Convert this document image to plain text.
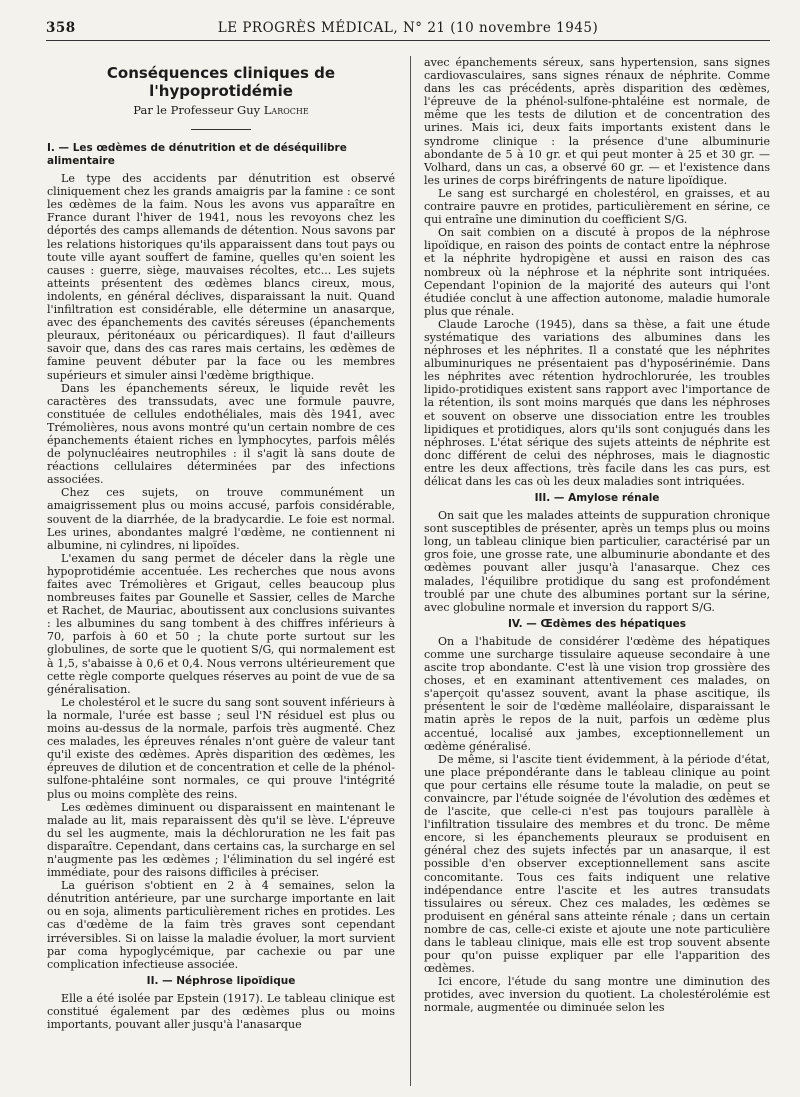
358	LE PROGRÈS MÉDICAL, N° 21 (10 novembre 1945)
Conséquences cliniques de l'hypoprotidémie
Par le Professeur Guy Laroche
I. — Les œdèmes de dénutrition et de déséquilibre alimentaire

Le type des accidents par dénutrition est observé cliniquement chez les grands amaigris par la famine : ce sont les œdèmes de la faim. Nous les avons vus apparaître en France durant l'hiver de 1941, nous les revoyons chez les déportés des camps allemands de détention. Nous savons par les relations historiques qu'ils apparaissent dans tout pays ou toute ville ayant souffert de famine, quelles qu'en soient les causes : guerre, siège, mauvaises récoltes, etc... Les sujets atteints présentent des œdèmes blancs cireux, mous, indolents, en général déclives, disparaissant la nuit. Quand l'infiltration est considérable, elle détermine un anasarque, avec des épanchements des cavités séreuses (épanchements pleuraux, péritonéaux ou péricardiques). Il faut d'ailleurs savoir que, dans des cas rares mais certains, les œdèmes de famine peuvent débuter par la face ou les membres supérieurs et simuler ainsi l'œdème brigthique.

Dans les épanchements séreux, le liquide revêt les caractères des transsudats, avec une formule pauvre, constituée de cellules endothéliales, mais dès 1941, avec Trémolières, nous avons montré qu'un certain nombre de ces épanchements étaient riches en lymphocytes, parfois mêlés de polynucléaires neutrophiles : il s'agit là sans doute de réactions cellulaires déterminées par des infections associées.

Chez ces sujets, on trouve communément un amaigrissement plus ou moins accusé, parfois considérable, souvent de la diarrhée, de la bradycardie. Le foie est normal. Les urines, abondantes malgré l'œdème, ne contiennent ni albumine, ni cylindres, ni lipoïdes.

L'examen du sang permet de déceler dans la règle une hypoprotidémie accentuée. Les recherches que nous avons faites avec Trémolières et Grigaut, celles beaucoup plus nombreuses faites par Gounelle et Sassier, celles de Marche et Rachet, de Mauriac, aboutissent aux conclusions suivantes : les albumines du sang tombent à des chiffres inférieurs à 70, parfois à 60 et 50 ; la chute porte surtout sur les globulines, de sorte que le quotient S/G, qui normalement est à 1,5, s'abaisse à 0,6 et 0,4. Nous verrons ultérieurement que cette règle comporte quelques réserves au point de vue de sa généralisation.

Le cholestérol et le sucre du sang sont souvent inférieurs à la normale, l'urée est basse ; seul l'N résiduel est plus ou moins au-dessus de la normale, parfois très augmenté. Chez ces malades, les épreuves rénales n'ont guère de valeur tant qu'il existe des œdèmes. Après disparition des œdèmes, les épreuves de dilution et de concentration et celle de la phénol-sulfone-phtaléine sont normales, ce qui prouve l'intégrité plus ou moins complète des reins.

Les œdèmes diminuent ou disparaissent en maintenant le malade au lit, mais reparaissent dès qu'il se lève. L'épreuve du sel les augmente, mais la déchloruration ne les fait pas disparaître. Cependant, dans certains cas, la surcharge en sel n'augmente pas les œdèmes ; l'élimination du sel ingéré est immédiate, pour des raisons difficiles à préciser.

La guérison s'obtient en 2 à 4 semaines, selon la dénutrition antérieure, par une surcharge importante en lait ou en soja, aliments particulièrement riches en protides. Les cas d'œdème de la faim très graves sont cependant irréversibles. Si on laisse la maladie évoluer, la mort survient par coma hypoglycémique, par cachexie ou par une complication infectieuse associée.

II. — Néphrose lipoïdique

Elle a été isolée par Epstein (1917). Le tableau clinique est constitué également par des œdèmes plus ou moins importants, pouvant aller jusqu'à l'anasarque

avec épanchements séreux, sans hypertension, sans signes cardiovasculaires, sans signes rénaux de néphrite. Comme dans les cas précédents, après disparition des œdèmes, l'épreuve de la phénol-sulfone-phtaléine est normale, de même que les tests de dilution et de concentration des urines. Mais ici, deux faits importants existent dans le syndrome clinique : la présence d'une albuminurie abondante de 5 à 10 gr. et qui peut monter à 25 et 30 gr. — Volhard, dans un cas, a observé 60 gr. — et l'existence dans les urines de corps biréfringents de nature lipoïdique.

Le sang est surchargé en cholestérol, en graisses, et au contraire pauvre en protides, particulièrement en sérine, ce qui entraîne une diminution du coefficient S/G.

On sait combien on a discuté à propos de la néphrose lipoïdique, en raison des points de contact entre la néphrose et la néphrite hydropigène et aussi en raison des cas nombreux où la néphrose et la néphrite sont intriquées. Cependant l'opinion de la majorité des auteurs qui l'ont étudiée conclut à une affection autonome, maladie humorale plus que rénale.

Claude Laroche (1945), dans sa thèse, a fait une étude systématique des variations des albumines dans les néphroses et les néphrites. Il a constaté que les néphrites albuminuriques ne présentaient pas d'hyposérinémie. Dans les néphrites avec rétention hydrochlorurée, les troubles lipido-protidiques existent sans rapport avec l'importance de la rétention, ils sont moins marqués que dans les néphroses et souvent on observe une dissociation entre les troubles lipidiques et protidiques, alors qu'ils sont conjugués dans les néphroses. L'état sérique des sujets atteints de néphrite est donc différent de celui des néphroses, mais le diagnostic entre les deux affections, très facile dans les cas purs, est délicat dans les cas où les deux maladies sont intriquées.

III. — Amylose rénale

On sait que les malades atteints de suppuration chronique sont susceptibles de présenter, après un temps plus ou moins long, un tableau clinique bien particulier, caractérisé par un gros foie, une grosse rate, une albuminurie abondante et des œdèmes pouvant aller jusqu'à l'anasarque. Chez ces malades, l'équilibre protidique du sang est profondément troublé par une chute des albumines portant sur la sérine, avec globuline normale et inversion du rapport S/G.

IV. — Œdèmes des hépatiques

On a l'habitude de considérer l'œdème des hépatiques comme une surcharge tissulaire aqueuse secondaire à une ascite trop abondante. C'est là une vision trop grossière des choses, et en examinant attentivement ces malades, on s'aperçoit qu'assez souvent, avant la phase ascitique, ils présentent le soir de l'œdème malléolaire, disparaissant le matin après le repos de la nuit, parfois un œdème plus accentué, localisé aux jambes, exceptionnellement un œdème généralisé.

De même, si l'ascite tient évidemment, à la période d'état, une place prépondérante dans le tableau clinique au point que pour certains elle résume toute la maladie, on peut se convaincre, par l'étude soignée de l'évolution des œdèmes et de l'ascite, que celle-ci n'est pas toujours parallèle à l'infiltration tissulaire des membres et du tronc. De même encore, si les épanchements pleuraux se produisent en général chez des sujets infectés par un anasarque, il est possible d'en observer exceptionnellement sans ascite concomitante. Tous ces faits indiquent une relative indépendance entre l'ascite et les autres transudats tissulaires ou séreux. Chez ces malades, les œdèmes se produisent en général sans atteinte rénale ; dans un certain nombre de cas, celle-ci existe et ajoute une note particulière dans le tableau clinique, mais elle est trop souvent absente pour qu'on puisse expliquer par elle l'apparition des œdèmes.

Ici encore, l'étude du sang montre une diminution des protides, avec inversion du quotient. La cholestérolémie est normale, augmentée ou diminuée selon les
